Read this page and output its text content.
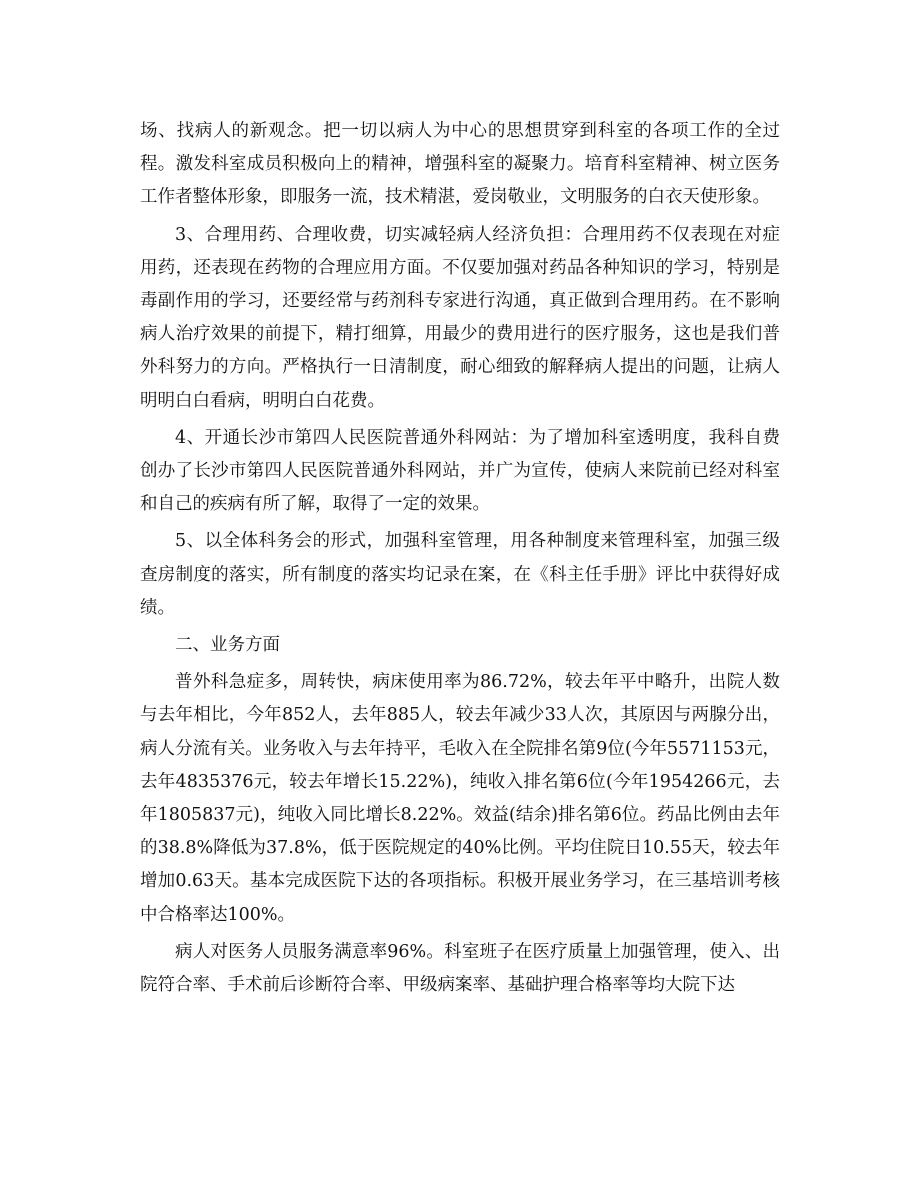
场、找病人的新观念。把一切以病人为中心的思想贯穿到科室的各项工作的全过程。激发科室成员积极向上的精神，增强科室的凝聚力。培育科室精神、树立医务工作者整体形象，即服务一流，技术精湛，爱岗敬业，文明服务的白衣天使形象。

3、合理用药、合理收费，切实减轻病人经济负担：合理用药不仅表现在对症用药，还表现在药物的合理应用方面。不仅要加强对药品各种知识的学习，特别是毒副作用的学习，还要经常与药剂科专家进行沟通，真正做到合理用药。在不影响病人治疗效果的前提下，精打细算，用最少的费用进行的医疗服务，这也是我们普外科努力的方向。严格执行一日清制度，耐心细致的解释病人提出的问题，让病人明明白白看病，明明白白花费。

4、开通长沙市第四人民医院普通外科网站：为了增加科室透明度，我科自费创办了长沙市第四人民医院普通外科网站，并广为宣传，使病人来院前已经对科室和自己的疾病有所了解，取得了一定的效果。

5、以全体科务会的形式，加强科室管理，用各种制度来管理科室，加强三级查房制度的落实，所有制度的落实均记录在案，在《科主任手册》评比中获得好成绩。

二、业务方面

普外科急症多，周转快，病床使用率为86.72%，较去年平中略升，出院人数与去年相比，今年852人，去年885人，较去年减少33人次，其原因与两腺分出，病人分流有关。业务收入与去年持平，毛收入在全院排名第9位(今年5571153元，去年4835376元，较去年增长15.22%)，纯收入排名第6位(今年1954266元，去年1805837元)，纯收入同比增长8.22%。效益(结余)排名第6位。药品比例由去年的38.8%降低为37.8%，低于医院规定的40%比例。平均住院日10.55天，较去年增加0.63天。基本完成医院下达的各项指标。积极开展业务学习，在三基培训考核中合格率达100%。

病人对医务人员服务满意率96%。科室班子在医疗质量上加强管理，使入、出院符合率、手术前后诊断符合率、甲级病案率、基础护理合格率等均大院下达
